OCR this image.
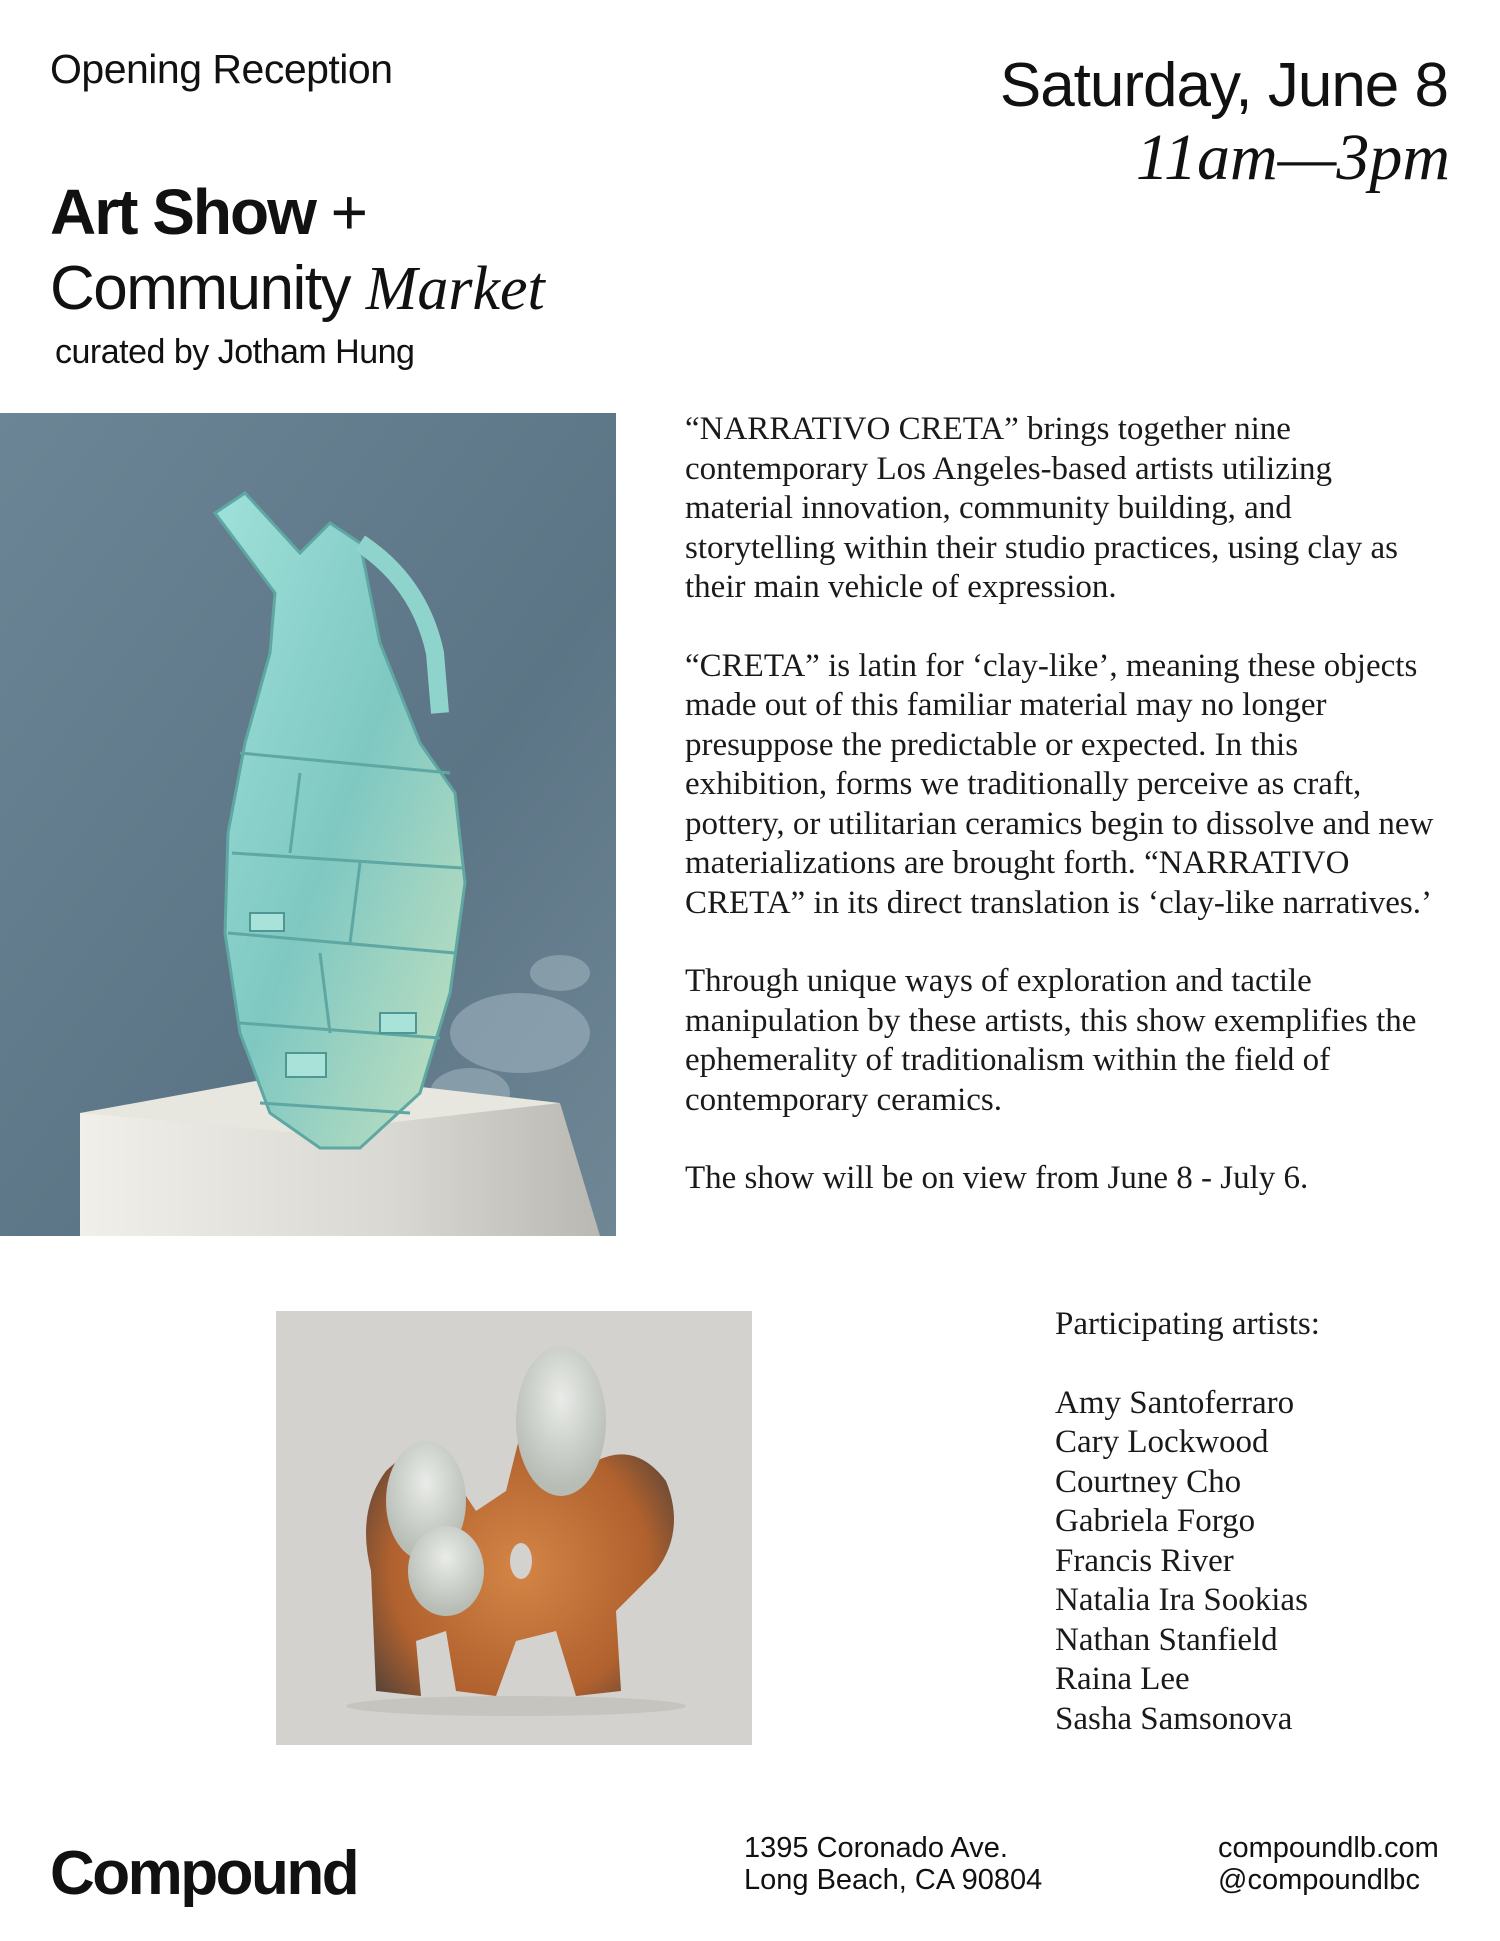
Opening Reception	Saturday, June 8
11am—3pm
Art Show +
Community Market
curated by Jotham Hung

“NARRATIVO CRETA” brings together nine contemporary Los Angeles-based artists utilizing material innovation, community building, and storytelling within their studio practices, using clay as their main vehicle of expression.

“CRETA” is latin for ‘clay-like’, meaning these objects made out of this familiar material may no longer presuppose the predictable or expected. In this exhibition, forms we traditionally perceive as craft, pottery, or utilitarian ceramics begin to dissolve and new materializations are brought forth. “NARRATIVO CRETA” in its direct translation is ‘clay-like narratives.’

Through unique ways of exploration and tactile manipulation by these artists, this show exemplifies the ephemerality of traditionalism within the field of contemporary ceramics.

The show will be on view from June 8 - July 6.

Participating artists:
Amy Santoferraro
Cary Lockwood
Courtney Cho
Gabriela Forgo
Francis River
Natalia Ira Sookias
Nathan Stanfield
Raina Lee
Sasha Samsonova
Compound	1395 Coronado Ave.
Long Beach, CA 90804
compoundlb.com
@compoundlbc
